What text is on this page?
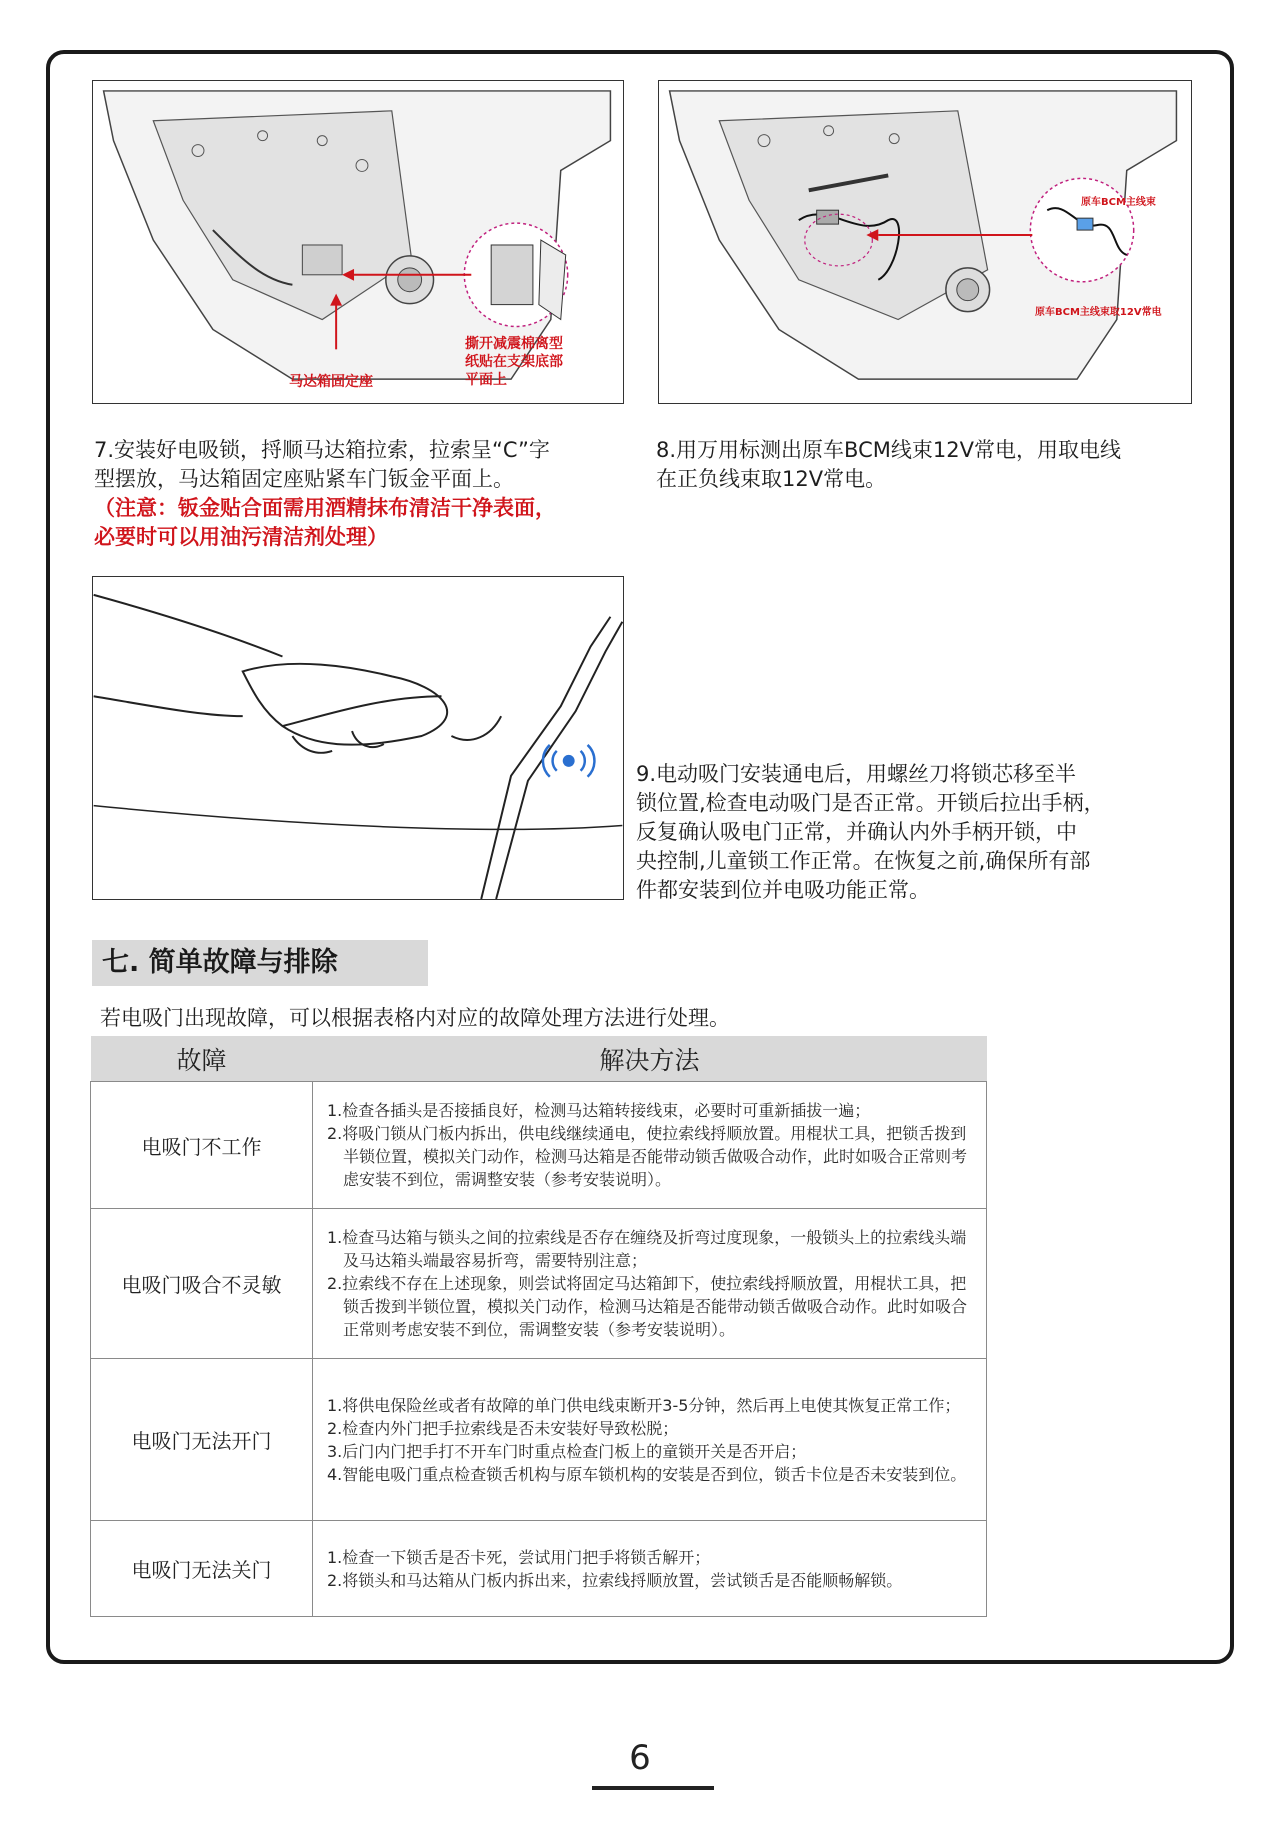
马达箱固定座
撕开减震棉离型
纸贴在支架底部
平面上
原车BCM主线束
原车BCM主线束取12V常电
7.安装好电吸锁，捋顺马达箱拉索，拉索呈“C”字
型摆放，马达箱固定座贴紧车门钣金平面上。
（注意：钣金贴合面需用酒精抹布清洁干净表面，
必要时可以用油污清洁剂处理）
8.用万用标测出原车BCM线束12V常电，用取电线
在正负线束取12V常电。
9.电动吸门安装通电后，用螺丝刀将锁芯移至半
锁位置,检查电动吸门是否正常。开锁后拉出手柄，
反复确认吸电门正常，并确认内外手柄开锁，中
央控制,儿童锁工作正常。在恢复之前,确保所有部
件都安装到位并电吸功能正常。
七. 简单故障与排除
若电吸门出现故障，可以根据表格内对应的故障处理方法进行处理。
故障	解决方法
电吸门不工作	1.检查各插头是否接插良好，检测马达箱转接线束，必要时可重新插拔一遍；
2.将吸门锁从门板内拆出，供电线继续通电，使拉索线捋顺放置。用棍状工具，把锁舌拨到半锁位置，模拟关门动作，检测马达箱是否能带动锁舌做吸合动作，此时如吸合正常则考虑安装不到位，需调整安装（参考安装说明）。

电吸门吸合不灵敏	1.检查马达箱与锁头之间的拉索线是否存在缠绕及折弯过度现象，一般锁头上的拉索线头端及马达箱头端最容易折弯，需要特别注意；
2.拉索线不存在上述现象，则尝试将固定马达箱卸下，使拉索线捋顺放置，用棍状工具，把锁舌拨到半锁位置，模拟关门动作，检测马达箱是否能带动锁舌做吸合动作。此时如吸合正常则考虑安装不到位，需调整安装（参考安装说明）。

电吸门无法开门	1.将供电保险丝或者有故障的单门供电线束断开3-5分钟，然后再上电使其恢复正常工作；
2.检查内外门把手拉索线是否未安装好导致松脱；
3.后门内门把手打不开车门时重点检查门板上的童锁开关是否开启；
4.智能电吸门重点检查锁舌机构与原车锁机构的安装是否到位，锁舌卡位是否未安装到位。

电吸门无法关门	1.检查一下锁舌是否卡死，尝试用门把手将锁舌解开；
2.将锁头和马达箱从门板内拆出来，拉索线捋顺放置，尝试锁舌是否能顺畅解锁。
6
